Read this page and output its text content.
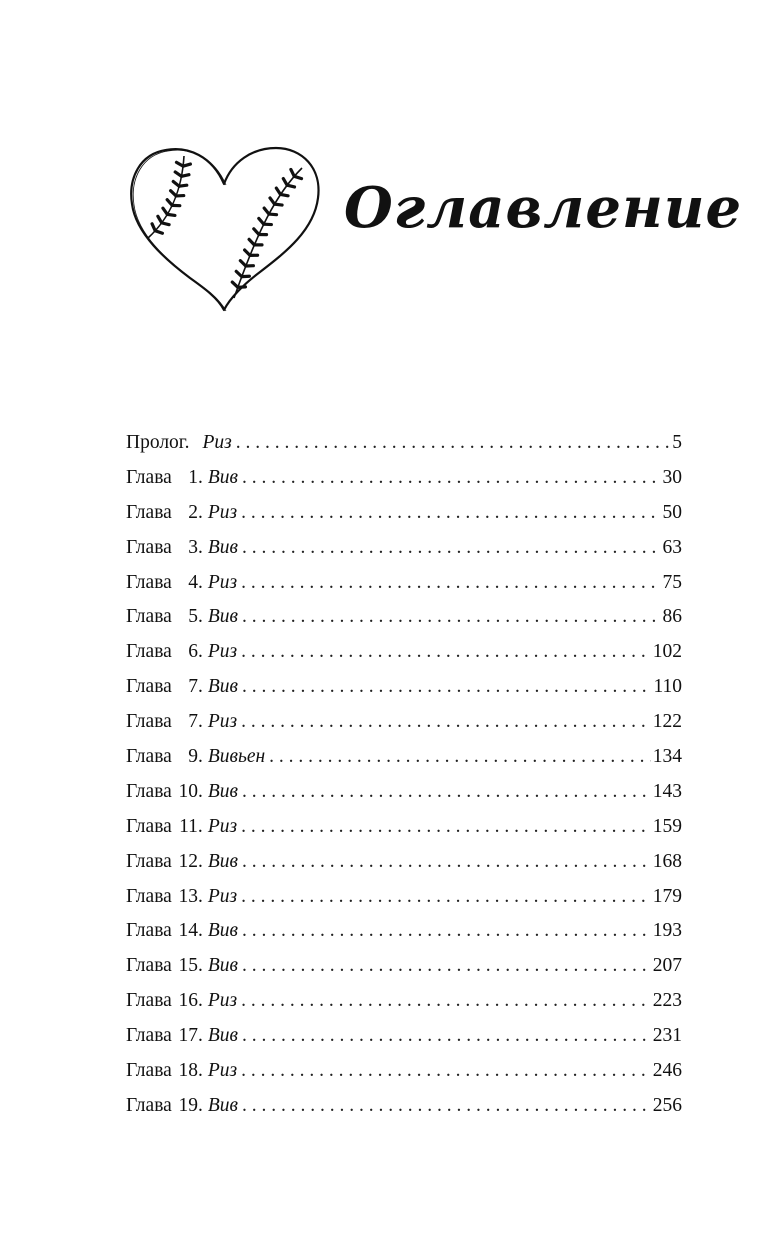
Оглавление
Пролог. Риз . . .	5
Глава 1. Вив . . .	30
Глава 2. Риз . . .	50
Глава 3. Вив . . .	63
Глава 4. Риз . . .	75
Глава 5. Вив . . .	86
Глава 6. Риз . . .	102
Глава 7. Вив . . .	110
Глава 7. Риз . . .	122
Глава 9. Вивьен . . .	134
Глава 10. Вив . . .	143
Глава 11. Риз . . .	159
Глава 12. Вив . . .	168
Глава 13. Риз . . .	179
Глава 14. Вив . . .	193
Глава 15. Вив . . .	207
Глава 16. Риз . . .	223
Глава 17. Вив . . .	231
Глава 18. Риз . . .	246
Глава 19. Вив . . .	256
